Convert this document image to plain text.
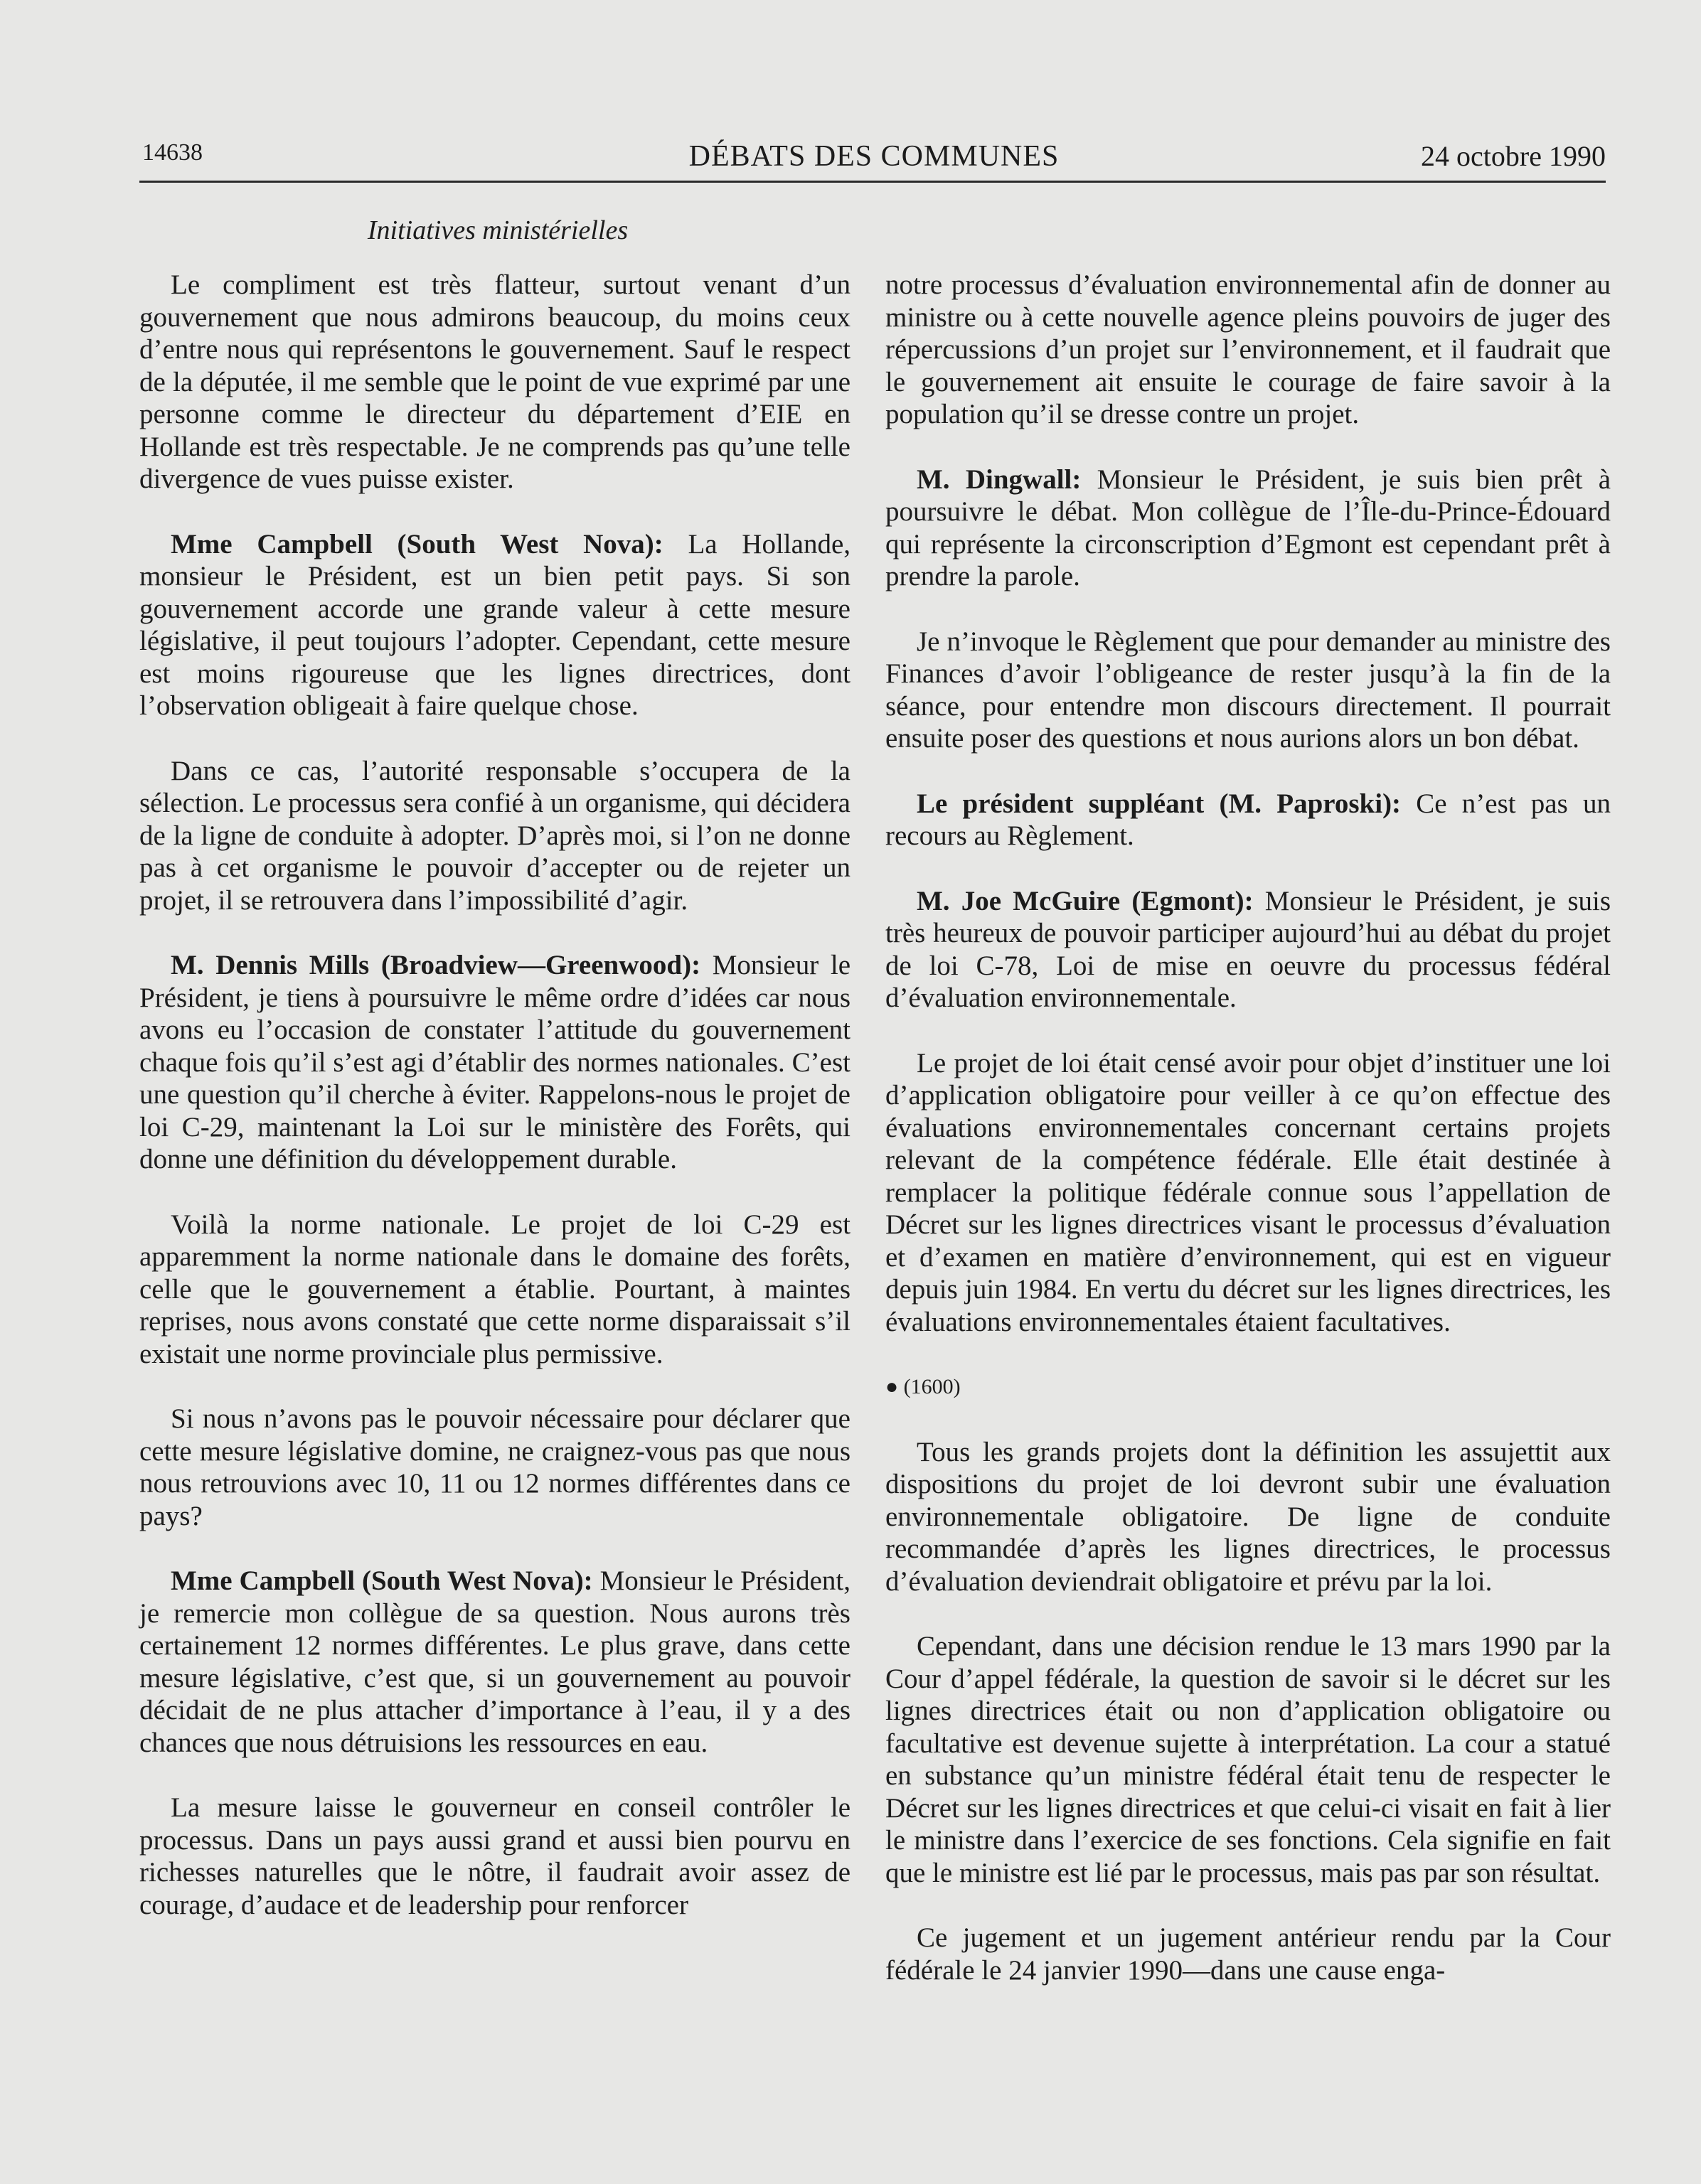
14638	DÉBATS DES COMMUNES	24 octobre 1990
Initiatives ministérielles

Le compliment est très flatteur, surtout venant d’un gouvernement que nous admirons beaucoup, du moins ceux d’entre nous qui représentons le gouvernement. Sauf le respect de la députée, il me semble que le point de vue exprimé par une personne comme le directeur du département d’EIE en Hollande est très respectable. Je ne comprends pas qu’une telle divergence de vues puisse exister.

Mme Campbell (South West Nova): La Hollande, monsieur le Président, est un bien petit pays. Si son gouvernement accorde une grande valeur à cette mesure législative, il peut toujours l’adopter. Cependant, cette mesure est moins rigoureuse que les lignes directrices, dont l’observation obligeait à faire quelque chose.

Dans ce cas, l’autorité responsable s’occupera de la sélection. Le processus sera confié à un organisme, qui décidera de la ligne de conduite à adopter. D’après moi, si l’on ne donne pas à cet organisme le pouvoir d’accepter ou de rejeter un projet, il se retrouvera dans l’impossibilité d’agir.

M. Dennis Mills (Broadview—Greenwood): Monsieur le Président, je tiens à poursuivre le même ordre d’idées car nous avons eu l’occasion de constater l’attitude du gouvernement chaque fois qu’il s’est agi d’établir des normes nationales. C’est une question qu’il cherche à éviter. Rappelons-nous le projet de loi C-29, maintenant la Loi sur le ministère des Forêts, qui donne une définition du développement durable.

Voilà la norme nationale. Le projet de loi C-29 est apparemment la norme nationale dans le domaine des forêts, celle que le gouvernement a établie. Pourtant, à maintes reprises, nous avons constaté que cette norme disparaissait s’il existait une norme provinciale plus permissive.

Si nous n’avons pas le pouvoir nécessaire pour déclarer que cette mesure législative domine, ne craignez-vous pas que nous nous retrouvions avec 10, 11 ou 12 normes différentes dans ce pays?

Mme Campbell (South West Nova): Monsieur le Président, je remercie mon collègue de sa question. Nous aurons très certainement 12 normes différentes. Le plus grave, dans cette mesure législative, c’est que, si un gouvernement au pouvoir décidait de ne plus attacher d’importance à l’eau, il y a des chances que nous détruisions les ressources en eau.

La mesure laisse le gouverneur en conseil contrôler le processus. Dans un pays aussi grand et aussi bien pourvu en richesses naturelles que le nôtre, il faudrait avoir assez de courage, d’audace et de leadership pour renforcer

notre processus d’évaluation environnemental afin de donner au ministre ou à cette nouvelle agence pleins pouvoirs de juger des répercussions d’un projet sur l’environnement, et il faudrait que le gouvernement ait ensuite le courage de faire savoir à la population qu’il se dresse contre un projet.

M. Dingwall: Monsieur le Président, je suis bien prêt à poursuivre le débat. Mon collègue de l’Île-du-Prince-Édouard qui représente la circonscription d’Egmont est cependant prêt à prendre la parole.

Je n’invoque le Règlement que pour demander au ministre des Finances d’avoir l’obligeance de rester jusqu’à la fin de la séance, pour entendre mon discours directement. Il pourrait ensuite poser des questions et nous aurions alors un bon débat.

Le président suppléant (M. Paproski): Ce n’est pas un recours au Règlement.

M. Joe McGuire (Egmont): Monsieur le Président, je suis très heureux de pouvoir participer aujourd’hui au débat du projet de loi C-78, Loi de mise en oeuvre du processus fédéral d’évaluation environnementale.

Le projet de loi était censé avoir pour objet d’instituer une loi d’application obligatoire pour veiller à ce qu’on effectue des évaluations environnementales concernant certains projets relevant de la compétence fédérale. Elle était destinée à remplacer la politique fédérale connue sous l’appellation de Décret sur les lignes directrices visant le processus d’évaluation et d’examen en matière d’environnement, qui est en vigueur depuis juin 1984. En vertu du décret sur les lignes directrices, les évaluations environnementales étaient facultatives.

● (1600)

Tous les grands projets dont la définition les assujettit aux dispositions du projet de loi devront subir une évaluation environnementale obligatoire. De ligne de conduite recommandée d’après les lignes directrices, le processus d’évaluation deviendrait obligatoire et prévu par la loi.

Cependant, dans une décision rendue le 13 mars 1990 par la Cour d’appel fédérale, la question de savoir si le décret sur les lignes directrices était ou non d’application obligatoire ou facultative est devenue sujette à interprétation. La cour a statué en substance qu’un ministre fédéral était tenu de respecter le Décret sur les lignes directrices et que celui-ci visait en fait à lier le ministre dans l’exercice de ses fonctions. Cela signifie en fait que le ministre est lié par le processus, mais pas par son résultat.

Ce jugement et un jugement antérieur rendu par la Cour fédérale le 24 janvier 1990—dans une cause enga-
